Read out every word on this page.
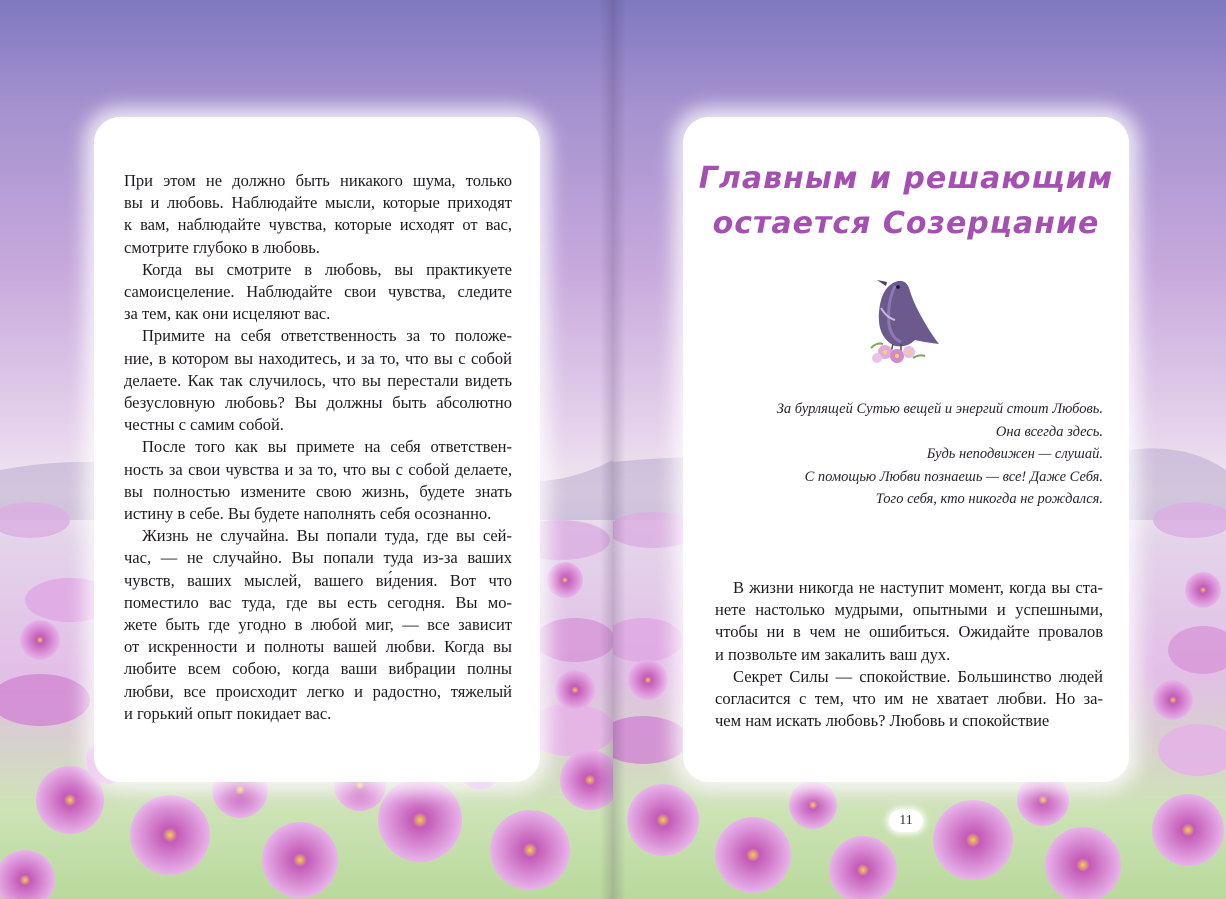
При этом не должно быть никакого шума, только
вы и любовь. Наблюдайте мысли, которые приходят
к вам, наблюдайте чувства, которые исходят от вас,
смотрите глубоко в любовь.
Когда вы смотрите в любовь, вы практикуете
самоисцеление. Наблюдайте свои чувства, следите
за тем, как они исцеляют вас.
Примите на себя ответственность за то положе-
ние, в котором вы находитесь, и за то, что вы с собой
делаете. Как так случилось, что вы перестали видеть
безусловную любовь? Вы должны быть абсолютно
честны с самим собой.
После того как вы примете на себя ответствен-
ность за свои чувства и за то, что вы с собой делаете,
вы полностью измените свою жизнь, будете знать
истину в себе. Вы будете наполнять себя осознанно.
Жизнь не случайна. Вы попали туда, где вы сей-
час, — не случайно. Вы попали туда из-за ваших
чувств, ваших мыслей, вашего ви́дения. Вот что
поместило вас туда, где вы есть сегодня. Вы мо-
жете быть где угодно в любой миг, — все зависит
от искренности и полноты вашей любви. Когда вы
любите всем собою, когда ваши вибрации полны
любви, все происходит легко и радостно, тяжелый
и горький опыт покидает вас.
Главным и решающим
остается Созерцание
За бурлящей Сутью вещей и энергий стоит Любовь.
Она всегда здесь.
Будь неподвижен — слушай.
С помощью Любви познаешь — все! Даже Себя.
Того себя, кто никогда не рождался.
В жизни никогда не наступит момент, когда вы ста-
нете настолько мудрыми, опытными и успешными,
чтобы ни в чем не ошибиться. Ожидайте провалов
и позвольте им закалить ваш дух.
Секрет Силы — спокойствие. Большинство людей
согласится с тем, что им не хватает любви. Но за-
чем нам искать любовь? Любовь и спокойствие
11
